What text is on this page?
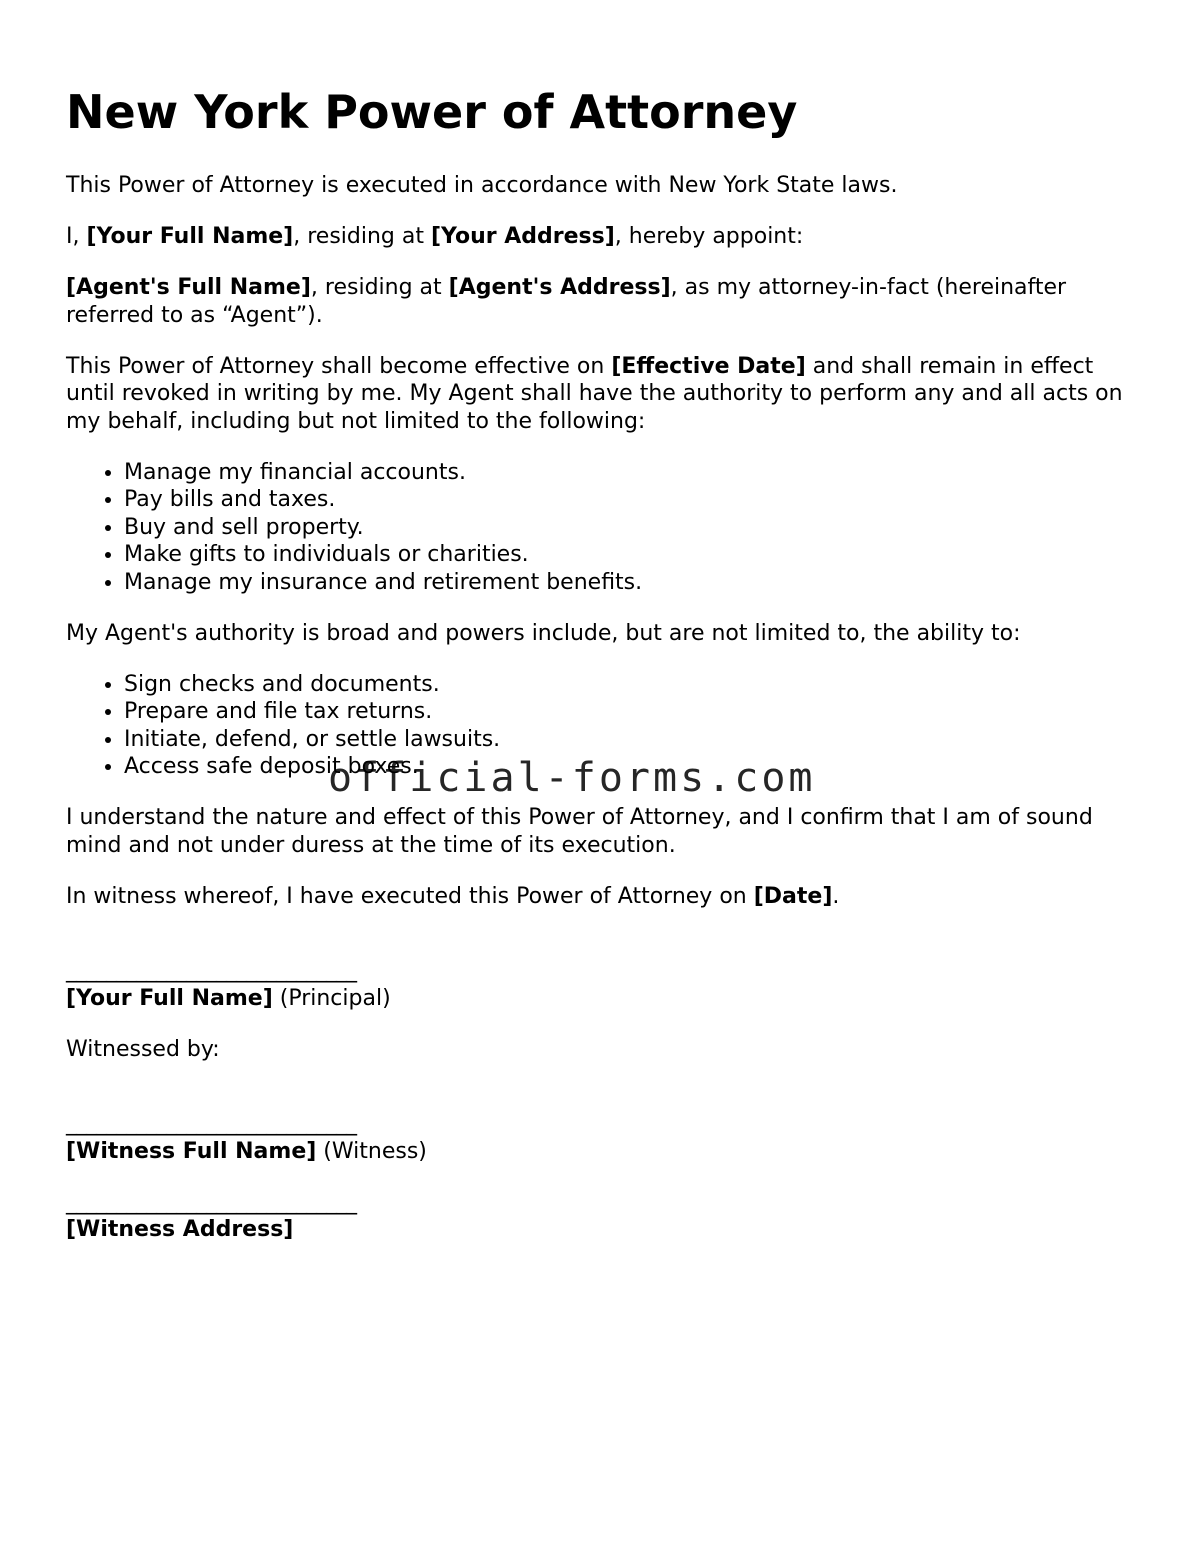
New York Power of Attorney

This Power of Attorney is executed in accordance with New York State laws.

I, [Your Full Name], residing at [Your Address], hereby appoint:

[Agent's Full Name], residing at [Agent's Address], as my attorney-in-fact (hereinafter referred to as “Agent”).

This Power of Attorney shall become effective on [Effective Date] and shall remain in effect until revoked in writing by me. My Agent shall have the authority to perform any and all acts on my behalf, including but not limited to the following:

• Manage my financial accounts.
• Pay bills and taxes.
• Buy and sell property.
• Make gifts to individuals or charities.
• Manage my insurance and retirement benefits.

My Agent's authority is broad and powers include, but are not limited to, the ability to:

• Sign checks and documents.
• Prepare and file tax returns.
• Initiate, defend, or settle lawsuits.
• Access safe deposit boxes.

I understand the nature and effect of this Power of Attorney, and I confirm that I am of sound mind and not under duress at the time of its execution.

In witness whereof, I have executed this Power of Attorney on [Date].

_____________________________

[Your Full Name] (Principal)

Witnessed by:

_____________________________

[Witness Full Name] (Witness)

_____________________________

[Witness Address]

official-forms.com
